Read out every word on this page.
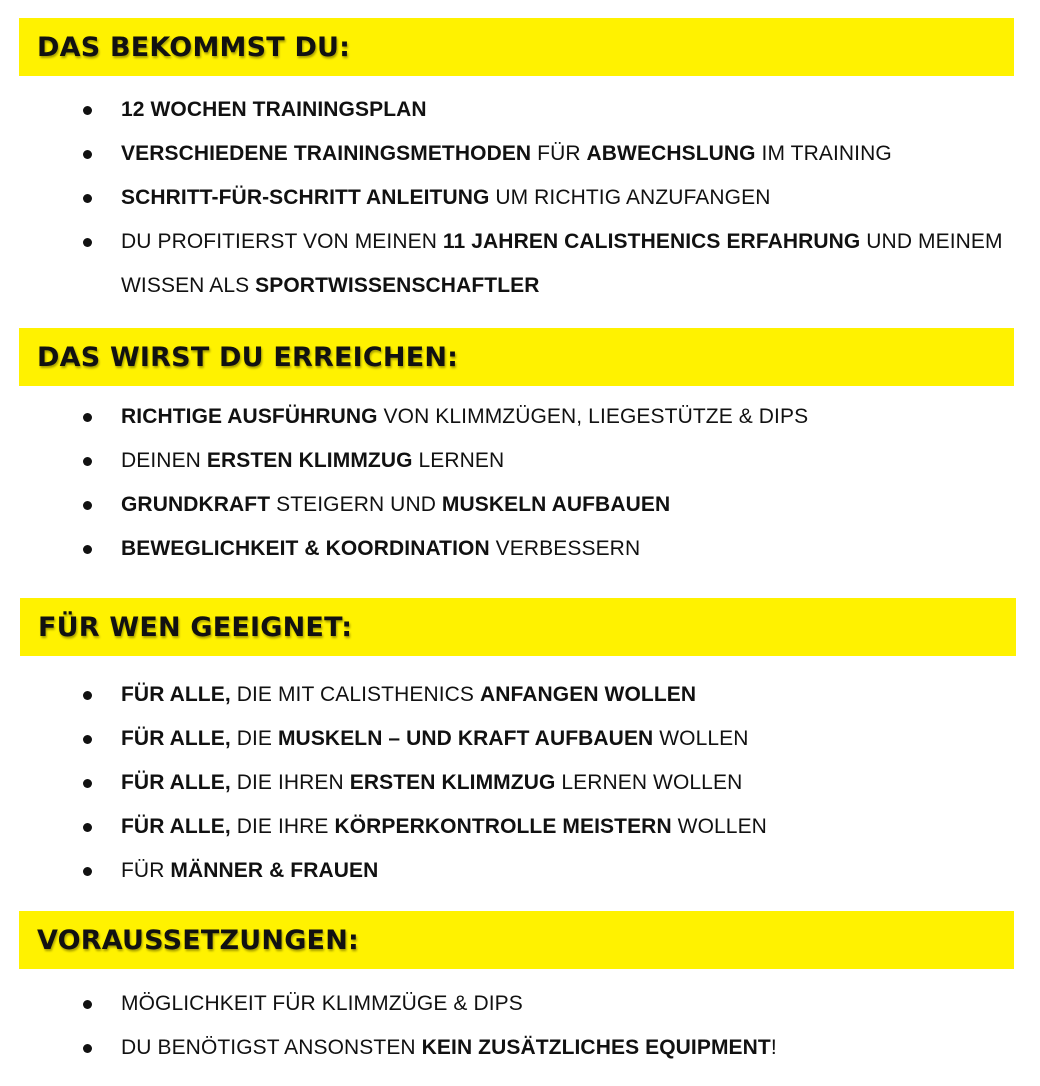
DAS BEKOMMST DU:
12 WOCHEN TRAININGSPLAN
VERSCHIEDENE TRAININGSMETHODEN FÜR ABWECHSLUNG IM TRAINING
SCHRITT-FÜR-SCHRITT ANLEITUNG UM RICHTIG ANZUFANGEN
DU PROFITIERST VON MEINEN 11 JAHREN CALISTHENICS ERFAHRUNG UND MEINEM WISSEN ALS SPORTWISSENSCHAFTLER
DAS WIRST DU ERREICHEN:
RICHTIGE AUSFÜHRUNG VON KLIMMZÜGEN, LIEGESTÜTZE & DIPS
DEINEN ERSTEN KLIMMZUG LERNEN
GRUNDKRAFT STEIGERN UND MUSKELN AUFBAUEN
BEWEGLICHKEIT & KOORDINATION VERBESSERN
FÜR WEN GEEIGNET:
FÜR ALLE, DIE MIT CALISTHENICS ANFANGEN WOLLEN
FÜR ALLE, DIE MUSKELN – UND KRAFT AUFBAUEN WOLLEN
FÜR ALLE, DIE IHREN ERSTEN KLIMMZUG LERNEN WOLLEN
FÜR ALLE, DIE IHRE KÖRPERKONTROLLE MEISTERN WOLLEN
FÜR MÄNNER & FRAUEN
VORAUSSETZUNGEN:
MÖGLICHKEIT FÜR KLIMMZÜGE & DIPS
DU BENÖTIGST ANSONSTEN KEIN ZUSÄTZLICHES EQUIPMENT!
